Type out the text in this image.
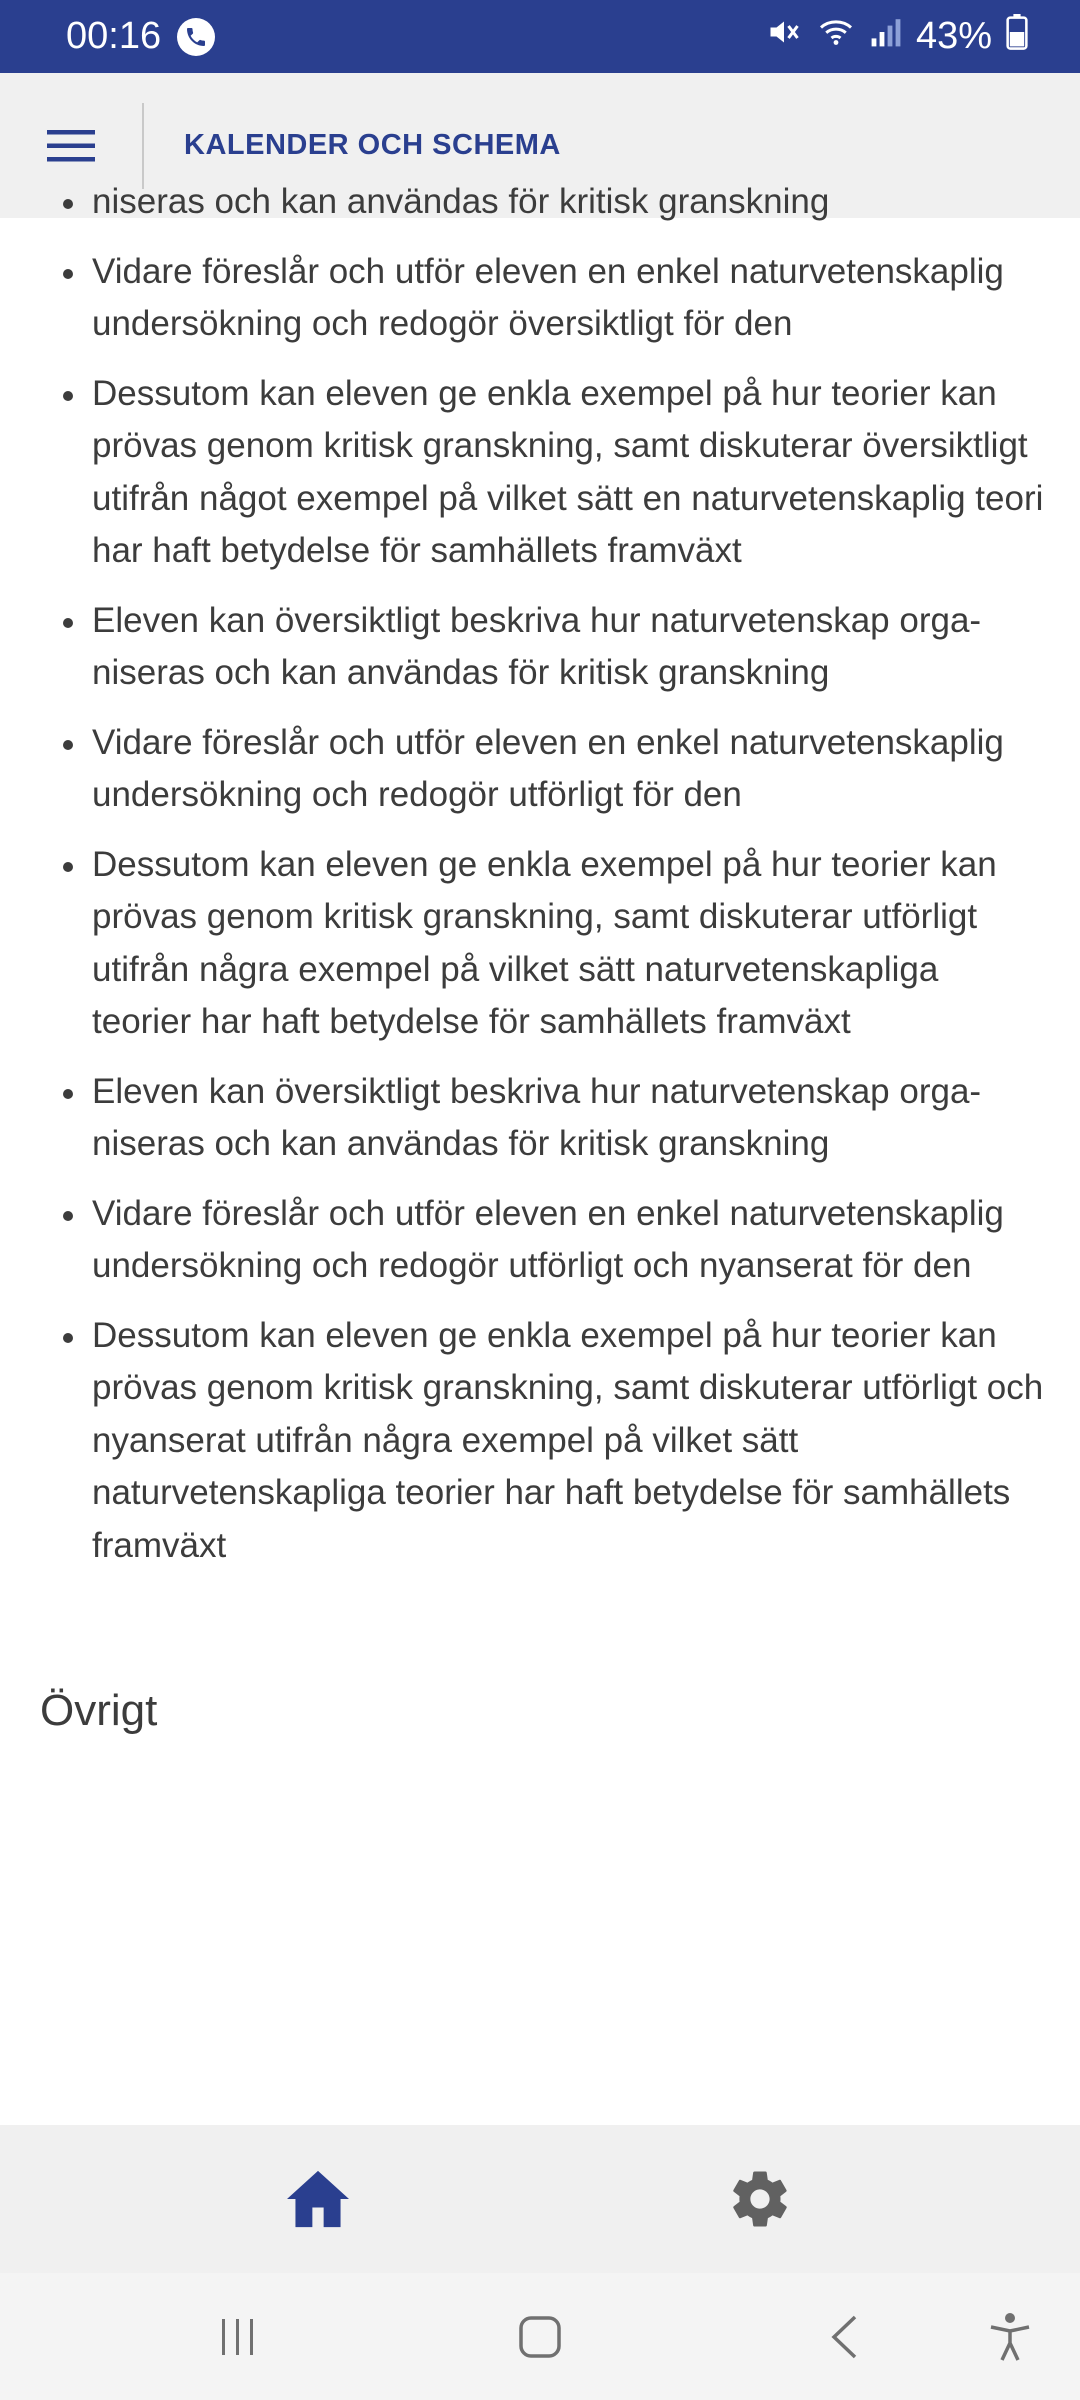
00:16	43%
KALENDER OCH SCHEMA
niseras och kan användas för kritisk granskning
Vidare föreslår och utför eleven en enkel naturvetenskaplig undersökning och redogör översiktligt för den
Dessutom kan eleven ge enkla exempel på hur teorier kan prövas genom kritisk granskning, samt diskuterar översiktligt utifrån något exempel på vilket sätt en naturvetenskaplig teori har haft betydelse för samhällets framväxt
Eleven kan översiktligt beskriva hur naturvetenskap organiseras och kan användas för kritisk granskning
Vidare föreslår och utför eleven en enkel naturvetenskaplig undersökning och redogör utförligt för den
Dessutom kan eleven ge enkla exempel på hur teorier kan prövas genom kritisk granskning, samt diskuterar utförligt utifrån några exempel på vilket sätt naturvetenskapliga teorier har haft betydelse för samhällets framväxt
Eleven kan översiktligt beskriva hur naturvetenskap organiseras och kan användas för kritisk granskning
Vidare föreslår och utför eleven en enkel naturvetenskaplig undersökning och redogör utförligt och nyanserat för den
Dessutom kan eleven ge enkla exempel på hur teorier kan prövas genom kritisk granskning, samt diskuterar utförligt och nyanserat utifrån några exempel på vilket sätt naturvetenskapliga teorier har haft betydelse för samhällets framväxt
Övrigt
